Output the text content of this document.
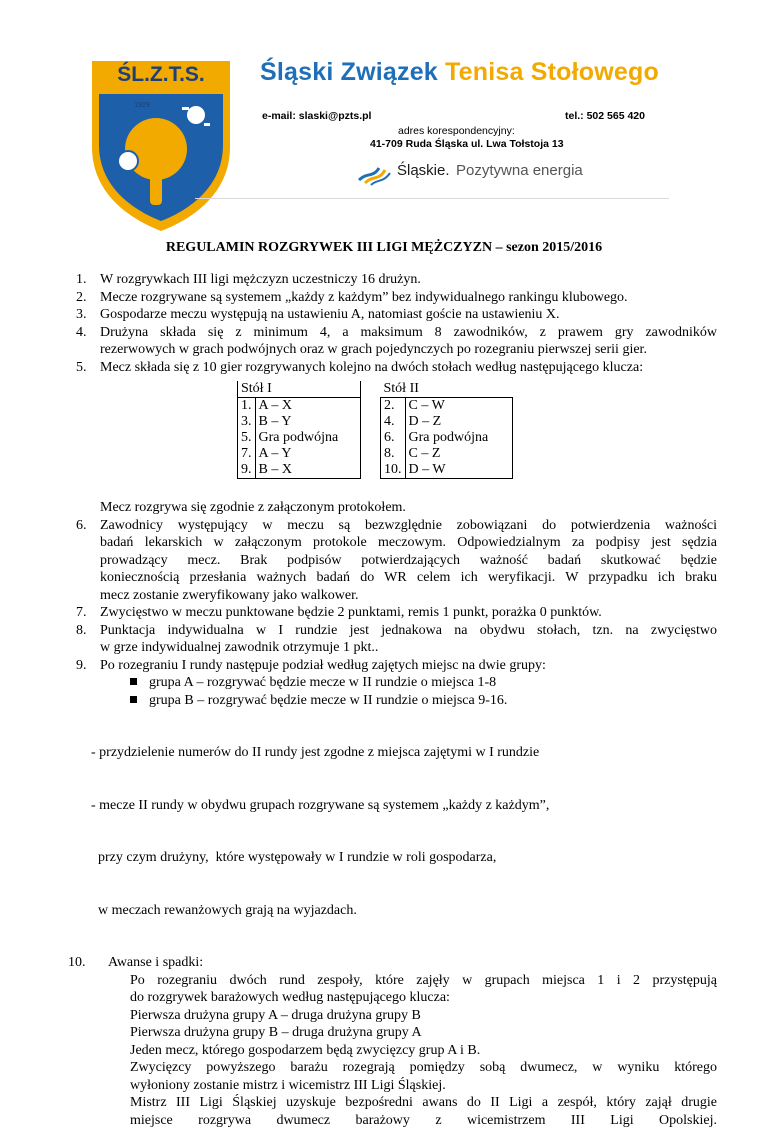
ŚL.Z.T.S.
1929
Śląski Związek Tenisa Stołowego
e-mail: slaski@pzts.pl	tel.: 502 565 420
adres korespondencyjny:
41-709 Ruda Śląska ul. Lwa Tołstoja 13
Śląskie. Pozytywna energia
REGULAMIN ROZGRYWEK III LIGI MĘŻCZYZN – sezon 2015/2016
1. W rozgrywkach III ligi mężczyzn uczestniczy 16 drużyn.
2. Mecze rozgrywane są systemem „każdy z każdym” bez indywidualnego rankingu klubowego.
3. Gospodarze meczu występują na ustawieniu A, natomiast goście na ustawieniu X.
4. Drużyna składa się z minimum 4, a maksimum 8 zawodników, z prawem gry zawodników
rezerwowych w grach podwójnych oraz w grach pojedynczych po rozegraniu pierwszej serii gier.
5. Mecz składa się z 10 gier rozgrywanych kolejno na dwóch stołach według następującego klucza:
Stół I			Stół II	
1.	A – X		2.	C – W
3.	B – Y		4.	D – Z
5.	Gra podwójna		6.	Gra podwójna
7.	A – Y		8.	C – Z
9.	B – X		10.	D – W
Mecz rozgrywa się zgodnie z załączonym protokołem.
6. Zawodnicy występujący w meczu są bezwzględnie zobowiązani do potwierdzenia ważności
badań lekarskich w załączonym protokole meczowym. Odpowiedzialnym za podpisy jest sędzia
prowadzący mecz. Brak podpisów potwierdzających ważność badań skutkować będzie
koniecznością przesłania ważnych badań do WR celem ich weryfikacji. W przypadku ich braku
mecz zostanie zweryfikowany jako walkower.
7. Zwycięstwo w meczu punktowane będzie 2 punktami, remis 1 punkt, porażka 0 punktów.
8. Punktacja indywidualna w I rundzie jest jednakowa na obydwu stołach, tzn. na zwycięstwo
w grze indywidualnej zawodnik otrzymuje 1 pkt..
9. Po rozegraniu I rundy następuje podział według zajętych miejsc na dwie grupy:
grupa A – rozgrywać będzie mecze w II rundzie o miejsca 1-8
grupa B – rozgrywać będzie mecze w II rundzie o miejsca 9-16.

- przydzielenie numerów do II rundy jest zgodne z miejsca zajętymi w I rundzie

- mecze II rundy w obydwu grupach rozgrywane są systemem „każdy z każdym”,

przy czym drużyny,  które występowały w I rundzie w roli gospodarza,

w meczach rewanżowych grają na wyjazdach.

10. Awanse i spadki:
Po rozegraniu dwóch rund zespoły, które zajęły w grupach miejsca 1 i 2 przystępują
do rozgrywek barażowych według następującego klucza:
Pierwsza drużyna grupy A – druga drużyna grupy B
Pierwsza drużyna grupy B – druga drużyna grupy A
Jeden mecz, którego gospodarzem będą zwycięzcy grup A i B.
Zwycięzcy powyższego barażu rozegrają pomiędzy sobą dwumecz, w wyniku którego
wyłoniony zostanie mistrz i wicemistrz III Ligi Śląskiej.
Mistrz III Ligi Śląskiej uzyskuje bezpośredni awans do II Ligi a zespół, który zajął drugie
miejsce rozgrywa dwumecz barażowy z wicemistrzem III Ligi Opolskiej.
